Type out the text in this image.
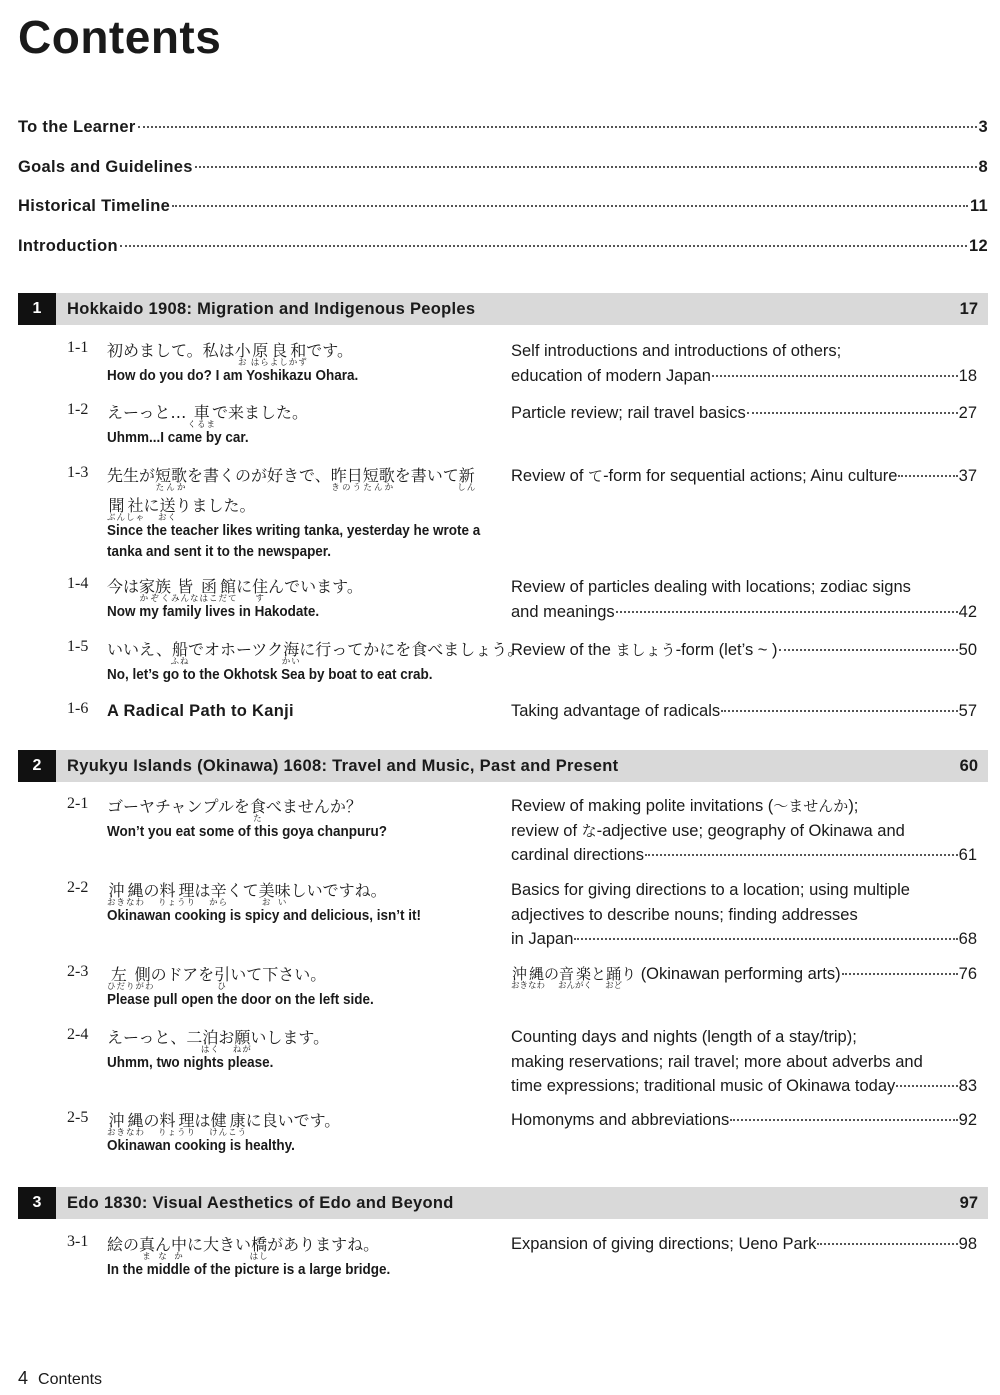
Contents
To the Learner	3
Goals and Guidelines	8
Historical Timeline	11
Introduction	12
1	Hokkaido 1908: Migration and Indigenous Peoples	17
1-1 初めまして。私は小お原はら良よし和かずです。
How do you do? I am Yoshikazu Ohara.
Self introductions and introductions of others;
education of modern Japan	18
1-2 えーっと… 車くるまで来ました。
Uhmm...I came by car.
Particle review; rail travel basics	27
1-3 先生が短歌たんかを書くのが好きで、昨日きのう短歌たんかを書いて新しん
聞社ぶんしゃに送おくりました。
Since the teacher likes writing tanka, yesterday he wrote a tanka and sent it to the newspaper.
Review of
て -form for sequential actions; Ainu culture	37
1-4 今は家族かぞく皆みんな函館はこだてに住すんでいます。
Now my family lives in Hakodate.
Review of particles dealing with locations; zodiac signs
and meanings	42
1-5 いいえ、船ふねでオホーツク海かいに行ってかにを食べましょう。
No, let’s go to the Okhotsk Sea by boat to eat crab.
Review of the
ましょう -form (let’s ~ )	50
1-6 A Radical Path to Kanji	Taking advantage of radicals	57
2	Ryukyu Islands (Okinawa) 1608: Travel and Music, Past and Present	60
2-1 ゴーヤチャンプルを食たべませんか？
Won’t you eat some of this goya chanpuru?
Review of making polite invitations ( 〜ませんか );
review of
な -adjective use; geography of Okinawa and
cardinal directions	61
2-2 沖縄おきなわの料理りょうりは辛からくて美味おいしいですね。
Okinawan cooking is spicy and delicious, isn’t it!
Basics for giving directions to a location; using multiple
adjectives to describe nouns; finding addresses
in Japan	68
2-3 左側ひだりがわのドアを引ひいて下さい。
Please pull open the door on the left side.
沖縄おきなわの音楽おんがくと踊おどり
(Okinawan performing arts)	76
2-4 えーっと、二泊はくお願ねがいします。
Uhmm, two nights please.
Counting days and nights (length of a stay/trip);
making reservations; rail travel; more about adverbs and
time expressions; traditional music of Okinawa today	83
2-5 沖縄おきなわの料理りょうりは健康けんこうに良いです。
Okinawan cooking is healthy.
Homonyms and abbreviations	92
3	Edo 1830: Visual Aesthetics of Edo and Beyond	97
3-1 絵の真まん中なかに大きい橋はしがありますね。
In the middle of the picture is a large bridge.
Expansion of giving directions; Ueno Park	98
4 Contents
